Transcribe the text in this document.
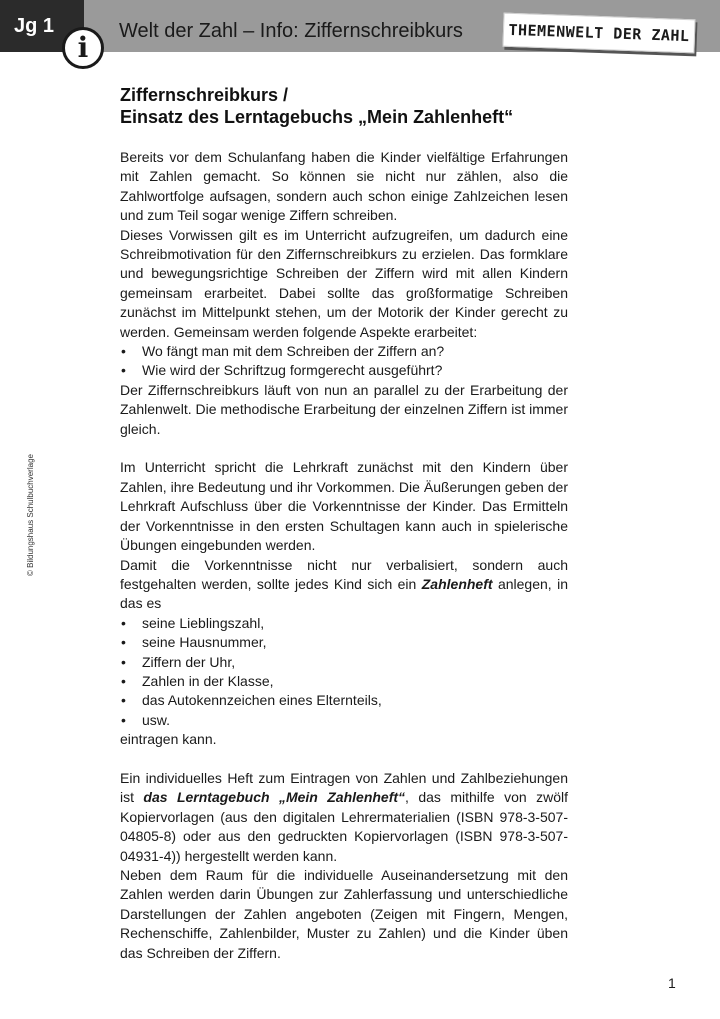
Jg 1
i	Welt der Zahl – Info: Ziffernschreibkurs	THEMENWELT DER ZAHL
© Bildungshaus Schulbuchverlage
Ziffernschreibkurs /
Einsatz des Lerntagebuchs „Mein Zahlenheft“

Bereits vor dem Schulanfang haben die Kinder vielfältige Erfahrungen mit Zahlen gemacht. So können sie nicht nur zählen, also die Zahlwortfolge aufsagen, sondern auch schon einige Zahlzeichen lesen und zum Teil sogar wenige Ziffern schreiben.

Dieses Vorwissen gilt es im Unterricht aufzugreifen, um dadurch eine Schreibmotivation für den Ziffernschreibkurs zu erzielen. Das formklare und bewegungsrichtige Schreiben der Ziffern wird mit allen Kindern gemeinsam erarbeitet. Dabei sollte das großformatige Schreiben zunächst im Mittelpunkt stehen, um der Motorik der Kinder gerecht zu werden. Gemeinsam werden folgende Aspekte erarbeitet:

• Wo fängt man mit dem Schreiben der Ziffern an?
• Wie wird der Schriftzug formgerecht ausgeführt?

Der Ziffernschreibkurs läuft von nun an parallel zu der Erarbeitung der Zahlenwelt. Die methodische Erarbeitung der einzelnen Ziffern ist immer gleich.

Im Unterricht spricht die Lehrkraft zunächst mit den Kindern über Zahlen, ihre Bedeutung und ihr Vorkommen. Die Äußerungen geben der Lehrkraft Aufschluss über die Vorkenntnisse der Kinder. Das Ermitteln der Vorkenntnisse in den ersten Schultagen kann auch in spielerische Übungen eingebunden werden.

Damit die Vorkenntnisse nicht nur verbalisiert, sondern auch festgehalten werden, sollte jedes Kind sich ein Zahlenheft anlegen, in das es

• seine Lieblingszahl,
• seine Hausnummer,
• Ziffern der Uhr,
• Zahlen in der Klasse,
• das Autokennzeichen eines Elternteils,
• usw.

eintragen kann.

Ein individuelles Heft zum Eintragen von Zahlen und Zahlbeziehungen ist das Lerntagebuch „Mein Zahlenheft“, das mithilfe von zwölf Kopiervorlagen (aus den digitalen Lehrermaterialien (ISBN 978-3-507-04805-8) oder aus den gedruckten Kopiervorlagen (ISBN 978-3-507-04931-4)) hergestellt werden kann.

Neben dem Raum für die individuelle Auseinandersetzung mit den Zahlen werden darin Übungen zur Zahlerfassung und unterschiedliche Darstellungen der Zahlen angeboten (Zeigen mit Fingern, Mengen, Rechenschiffe, Zahlenbilder, Muster zu Zahlen) und die Kinder üben das Schreiben der Ziffern.

1
